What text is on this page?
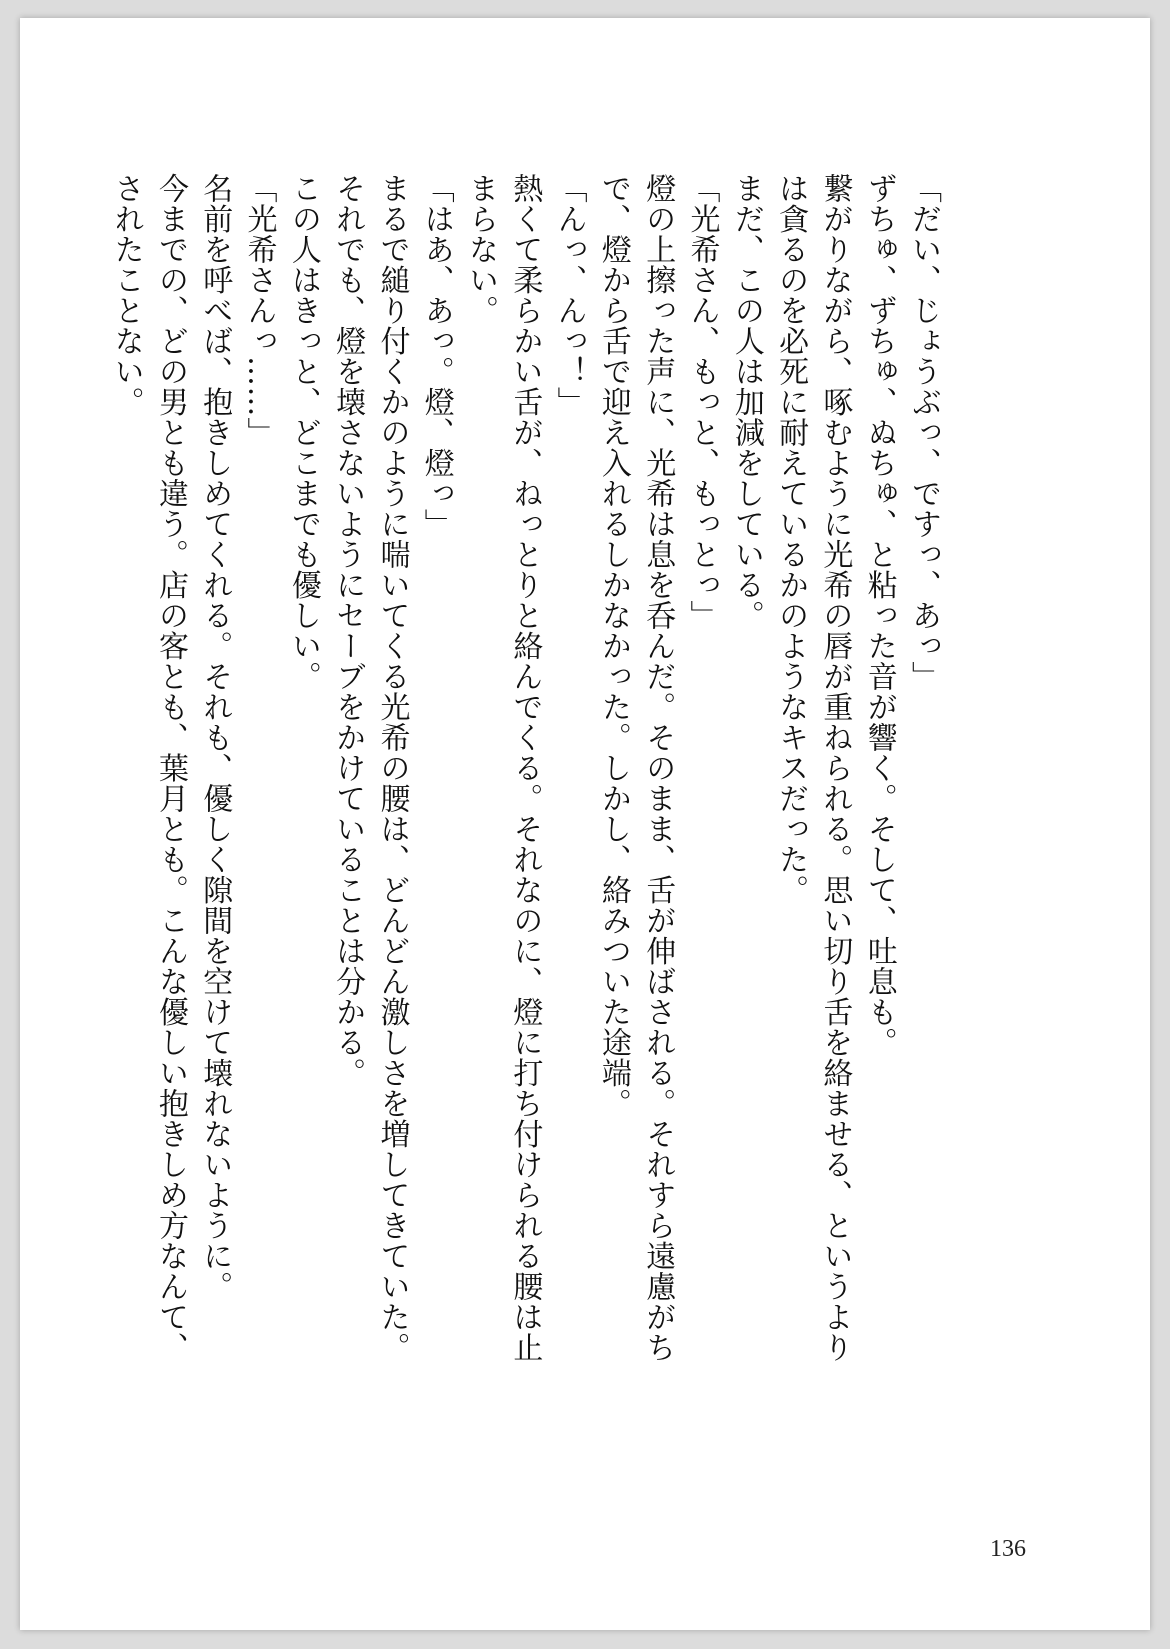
「だい、じょうぶっ、ですっ、あっ」
ずちゅ、ずちゅ、ぬちゅ、と粘った音が響く。そして、吐息も。
繋がりながら、啄むように光希の唇が重ねられる。思い切り舌を絡ませる、というより
は貪るのを必死に耐えているかのようなキスだった。
まだ、この人は加減をしている。
「光希さん、もっと、もっとっ」
燈の上擦った声に、光希は息を呑んだ。そのまま、舌が伸ばされる。それすら遠慮がち
で、燈から舌で迎え入れるしかなかった。しかし、絡みついた途端。
「んっ、んっ！」
熱くて柔らかい舌が、ねっとりと絡んでくる。それなのに、燈に打ち付けられる腰は止
まらない。
「はあ、あっ。燈、燈っ」
まるで縋り付くかのように喘いてくる光希の腰は、どんどん激しさを増してきていた。
それでも、燈を壊さないようにセーブをかけていることは分かる。
この人はきっと、どこまでも優しい。
「光希さんっ……」
名前を呼べば、抱きしめてくれる。それも、優しく隙間を空けて壊れないように。
今までの、どの男とも違う。店の客とも、葉月とも。こんな優しい抱きしめ方なんて、
されたことない。
136
